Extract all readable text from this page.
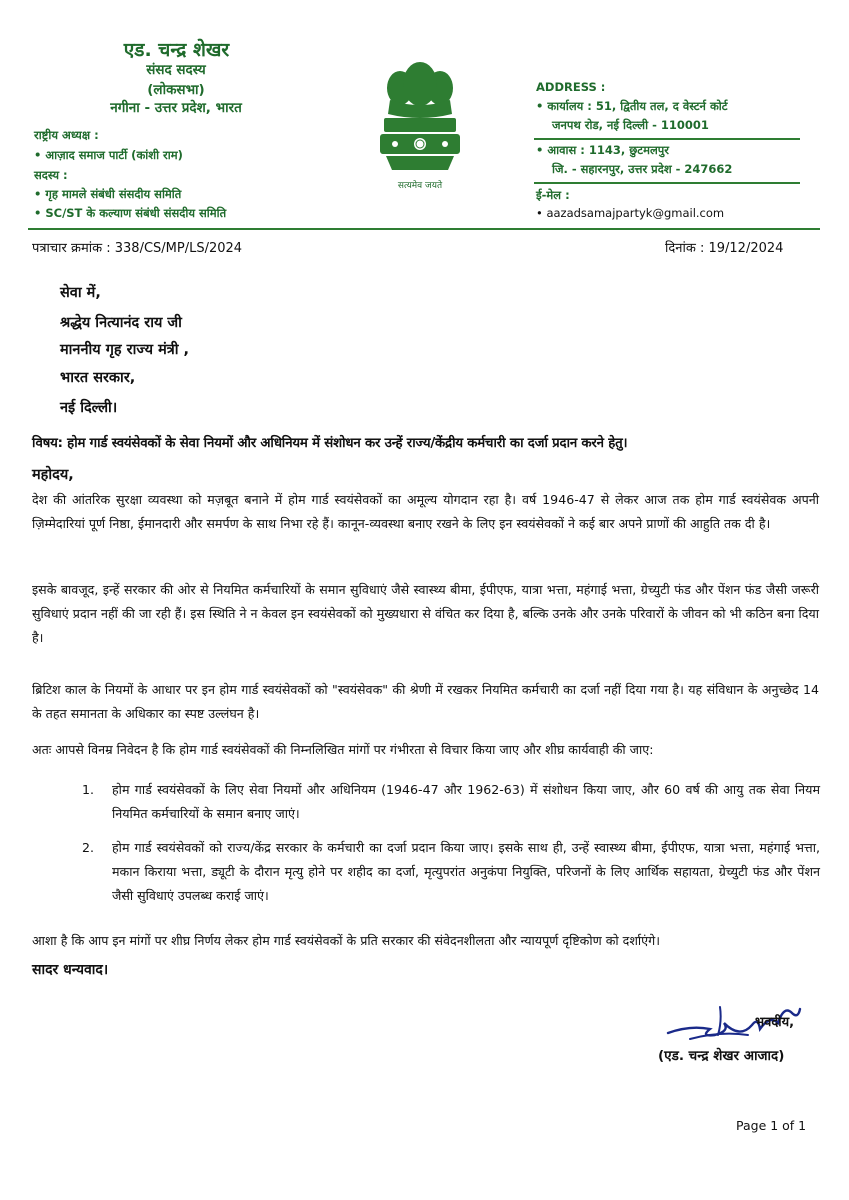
एड. चन्द्र शेखर
संसद सदस्य
(लोकसभा)
नगीना - उत्तर प्रदेश, भारत
राष्ट्रीय अध्यक्ष :
• आज़ाद समाज पार्टी (कांशी राम)
सदस्य :
• गृह मामले संबंधी संसदीय समिति
• SC/ST के कल्याण संबंधी संसदीय समिति
सत्यमेव जयते
ADDRESS :
• कार्यालय : 51, द्वितीय तल, द वेस्टर्न कोर्ट
जनपथ रोड, नई दिल्ली - 110001
• आवास : 1143, छुटमलपुर
जि. - सहारनपुर, उत्तर प्रदेश - 247662
ई-मेल :
• aazadsamajpartyk@gmail.com
पत्राचार क्रमांक : 338/CS/MP/LS/2024	दिनांक : 19/12/2024
सेवा में,
श्रद्धेय नित्यानंद राय जी
माननीय गृह राज्य मंत्री ,
भारत सरकार,
नई दिल्ली।
विषय: होम गार्ड स्वयंसेवकों के सेवा नियमों और अधिनियम में संशोधन कर उन्हें राज्य/केंद्रीय कर्मचारी का दर्जा प्रदान करने हेतु।
महोदय,
देश की आंतरिक सुरक्षा व्यवस्था को मज़बूत बनाने में होम गार्ड स्वयंसेवकों का अमूल्य योगदान रहा है। वर्ष 1946-47 से लेकर आज तक होम गार्ड स्वयंसेवक अपनी ज़िम्मेदारियां पूर्ण निष्ठा, ईमानदारी और समर्पण के साथ निभा रहे हैं। कानून-व्यवस्था बनाए रखने के लिए इन स्वयंसेवकों ने कई बार अपने प्राणों की आहुति तक दी है।
इसके बावजूद, इन्हें सरकार की ओर से नियमित कर्मचारियों के समान सुविधाएं जैसे स्वास्थ्य बीमा, ईपीएफ, यात्रा भत्ता, महंगाई भत्ता, ग्रेच्युटी फंड और पेंशन फंड जैसी जरूरी सुविधाएं प्रदान नहीं की जा रही हैं। इस स्थिति ने न केवल इन स्वयंसेवकों को मुख्यधारा से वंचित कर दिया है, बल्कि उनके और उनके परिवारों के जीवन को भी कठिन बना दिया है।
ब्रिटिश काल के नियमों के आधार पर इन होम गार्ड स्वयंसेवकों को "स्वयंसेवक" की श्रेणी में रखकर नियमित कर्मचारी का दर्जा नहीं दिया गया है। यह संविधान के अनुच्छेद 14 के तहत समानता के अधिकार का स्पष्ट उल्लंघन है।
अतः आपसे विनम्र निवेदन है कि होम गार्ड स्वयंसेवकों की निम्नलिखित मांगों पर गंभीरता से विचार किया जाए और शीघ्र कार्यवाही की जाए:
1. होम गार्ड स्वयंसेवकों के लिए सेवा नियमों और अधिनियम (1946-47 और 1962-63) में संशोधन किया जाए, और 60 वर्ष की आयु तक सेवा नियम नियमित कर्मचारियों के समान बनाए जाएं।
2. होम गार्ड स्वयंसेवकों को राज्य/केंद्र सरकार के कर्मचारी का दर्जा प्रदान किया जाए। इसके साथ ही, उन्हें स्वास्थ्य बीमा, ईपीएफ, यात्रा भत्ता, महंगाई भत्ता, मकान किराया भत्ता, ड्यूटी के दौरान मृत्यु होने पर शहीद का दर्जा, मृत्युपरांत अनुकंपा नियुक्ति, परिजनों के लिए आर्थिक सहायता, ग्रेच्युटी फंड और पेंशन जैसी सुविधाएं उपलब्ध कराई जाएं।
आशा है कि आप इन मांगों पर शीघ्र निर्णय लेकर होम गार्ड स्वयंसेवकों के प्रति सरकार की संवेदनशीलता और न्यायपूर्ण दृष्टिकोण को दर्शाएंगे।
सादर धन्यवाद।
भवदीय,
(एड. चन्द्र शेखर आजाद)
Page 1 of 1
